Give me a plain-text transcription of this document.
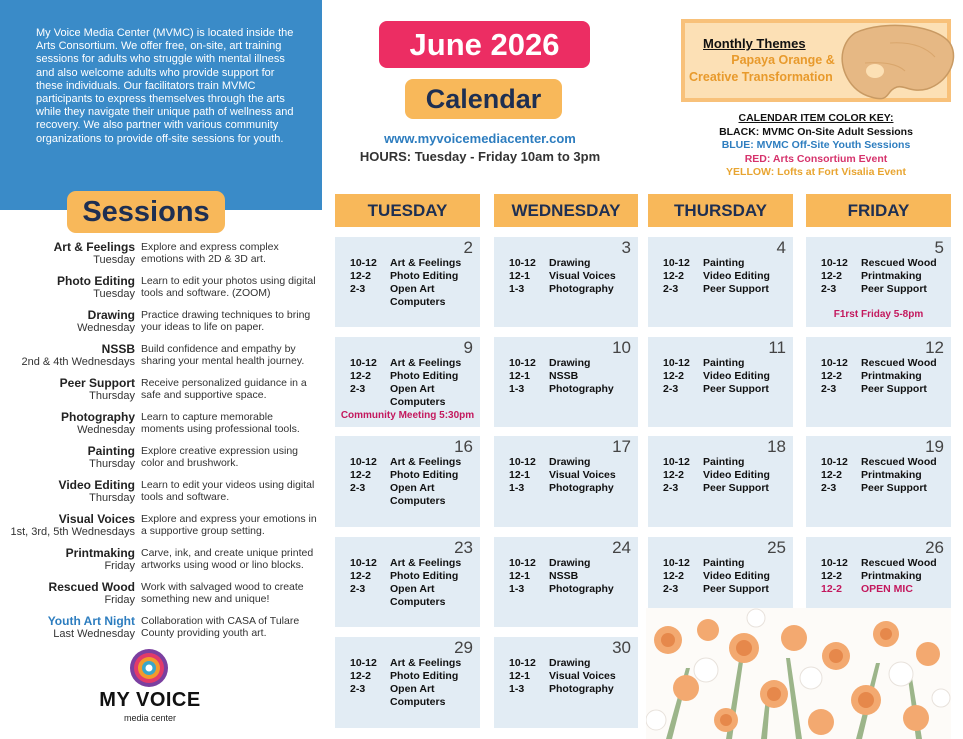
My Voice Media Center (MVMC) is located inside the Arts Consortium. We offer free, on-site, art training sessions for adults who struggle with mental illness and also welcome adults who provide support for these individuals. Our facilitators train MVMC participants to express themselves through the arts while they navigate their unique path of wellness and recovery. We also partner with various community organizations to provide off-site sessions for youth.
Sessions
Art & Feelings
Tuesday
Explore and express complex emotions with 2D & 3D art.
Photo Editing
Tuesday
Learn to edit your photos using digital tools and software. (ZOOM)
Drawing
Wednesday
Practice drawing techniques to bring your ideas to life on paper.
NSSB
2nd & 4th Wednesdays
Build confidence and empathy by sharing your mental health journey.
Peer Support
Thursday
Receive personalized guidance in a safe and supportive space.
Photography
Wednesday
Learn to capture memorable moments using professional tools.
Painting
Thursday
Explore creative expression using color and brushwork.
Video Editing
Thursday
Learn to edit your videos using digital tools and software.
Visual Voices
1st, 3rd, 5th Wednesdays
Explore and express your emotions in a supportive group setting.
Printmaking
Friday
Carve, ink, and create unique printed artworks using wood or lino blocks.
Rescued Wood
Friday
Work with salvaged wood to create something new and unique!
Youth Art Night
Last Wednesday
Collaboration with CASA of Tulare County providing youth art.
MY VOICE
media center
June 2026
Calendar
www.myvoicemediacenter.com
HOURS: Tuesday - Friday 10am to 3pm
Monthly Themes
Papaya Orange &
Creative Transformation
CALENDAR ITEM COLOR KEY:
BLACK: MVMC On-Site Adult Sessions
BLUE: MVMC Off-Site Youth Sessions
RED: Arts Consortium Event
YELLOW: Lofts at Fort Visalia Event
TUESDAY	WEDNESDAY	THURSDAY	FRIDAY
2
10-12 Art & Feelings
12-2 Photo Editing
2-3 Open Art
Computers
3
10-12 Drawing
12-1 Visual Voices
1-3 Photography
4
10-12 Painting
12-2 Video Editing
2-3 Peer Support
5
10-12 Rescued Wood
12-2 Printmaking
2-3 Peer Support
F1rst Friday 5-8pm
9
10-12 Art & Feelings
12-2 Photo Editing
2-3 Open Art
Computers
Community Meeting 5:30pm
10
10-12 Drawing
12-1 NSSB
1-3 Photography
11
10-12 Painting
12-2 Video Editing
2-3 Peer Support
12
10-12 Rescued Wood
12-2 Printmaking
2-3 Peer Support
16
10-12 Art & Feelings
12-2 Photo Editing
2-3 Open Art
Computers
17
10-12 Drawing
12-1 Visual Voices
1-3 Photography
18
10-12 Painting
12-2 Video Editing
2-3 Peer Support
19
10-12 Rescued Wood
12-2 Printmaking
2-3 Peer Support
23
10-12 Art & Feelings
12-2 Photo Editing
2-3 Open Art
Computers
24
10-12 Drawing
12-1 NSSB
1-3 Photography
25
10-12 Painting
12-2 Video Editing
2-3 Peer Support
26
10-12 Rescued Wood
12-2 Printmaking
12-2 OPEN MIC
29
10-12 Art & Feelings
12-2 Photo Editing
2-3 Open Art
Computers
30
10-12 Drawing
12-1 Visual Voices
1-3 Photography
